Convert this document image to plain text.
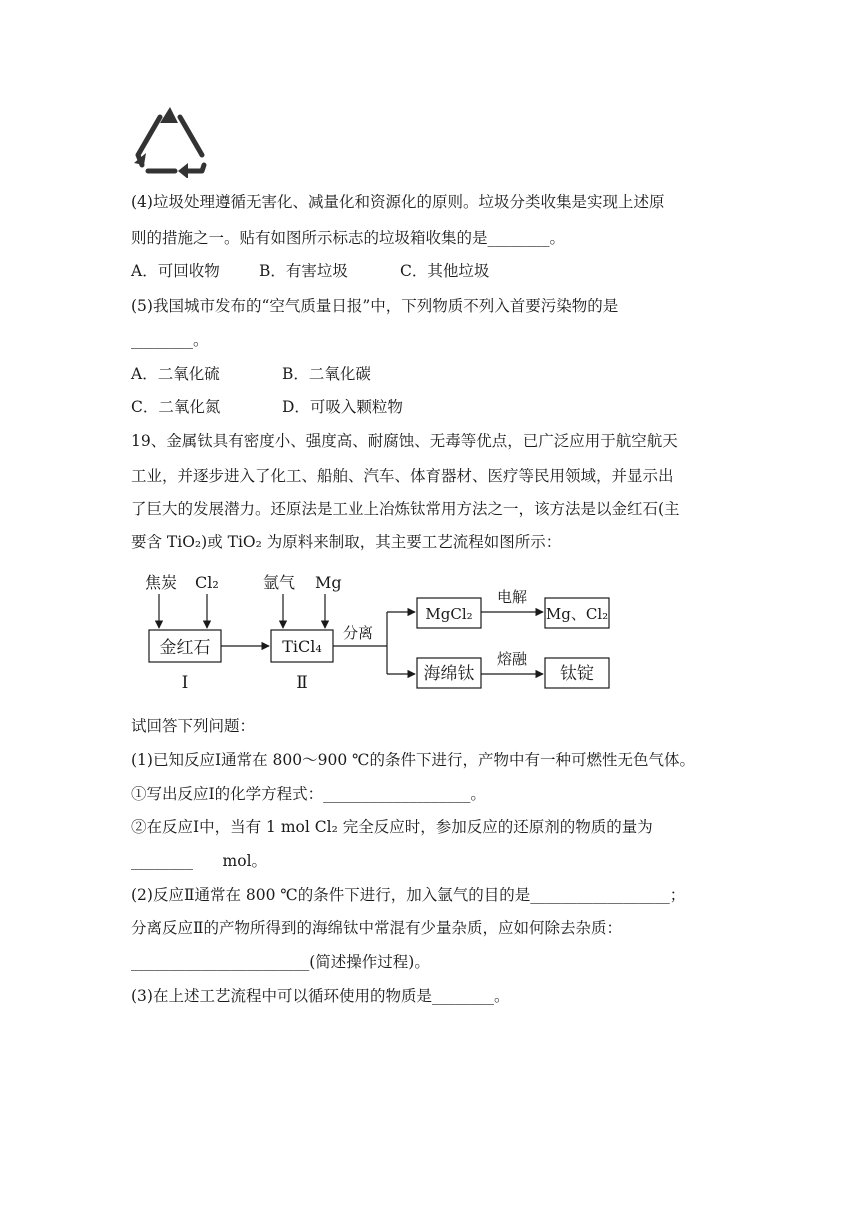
(4)垃圾处理遵循无害化、减量化和资源化的原则。垃圾分类收集是实现上述原
则的措施之一。贴有如图所示标志的垃圾箱收集的是________。
A．可回收物	B．有害垃圾	C．其他垃圾
(5)我国城市发布的“空气质量日报”中，下列物质不列入首要污染物的是
________。
A．二氧化硫	B．二氧化碳
C．二氧化氮	D．可吸入颗粒物
19、金属钛具有密度小、强度高、耐腐蚀、无毒等优点，已广泛应用于航空航天
工业，并逐步进入了化工、船舶、汽车、体育器材、医疗等民用领域，并显示出
了巨大的发展潜力。还原法是工业上冶炼钛常用方法之一，该方法是以金红石(主
要含 TiO₂)或 TiO₂ 为原料来制取，其主要工艺流程如图所示：
焦炭 Cl₂
金红石
Ⅰ
氩气 Mg
TiCl₄
Ⅱ
分离
MgCl₂
电解
Mg、Cl₂
海绵钛
熔融
钛锭
试回答下列问题：
(1)已知反应Ⅰ通常在 800～900 ℃的条件下进行，产物中有一种可燃性无色气体。
①写出反应Ⅰ的化学方程式：___________________。
②在反应Ⅰ中，当有 1 mol Cl₂ 完全反应时，参加反应的还原剂的物质的量为
________      mol。
(2)反应Ⅱ通常在 800 ℃的条件下进行，加入氩气的目的是__________________；
分离反应Ⅱ的产物所得到的海绵钛中常混有少量杂质，应如何除去杂质：
_______________________(简述操作过程)。
(3)在上述工艺流程中可以循环使用的物质是________。
